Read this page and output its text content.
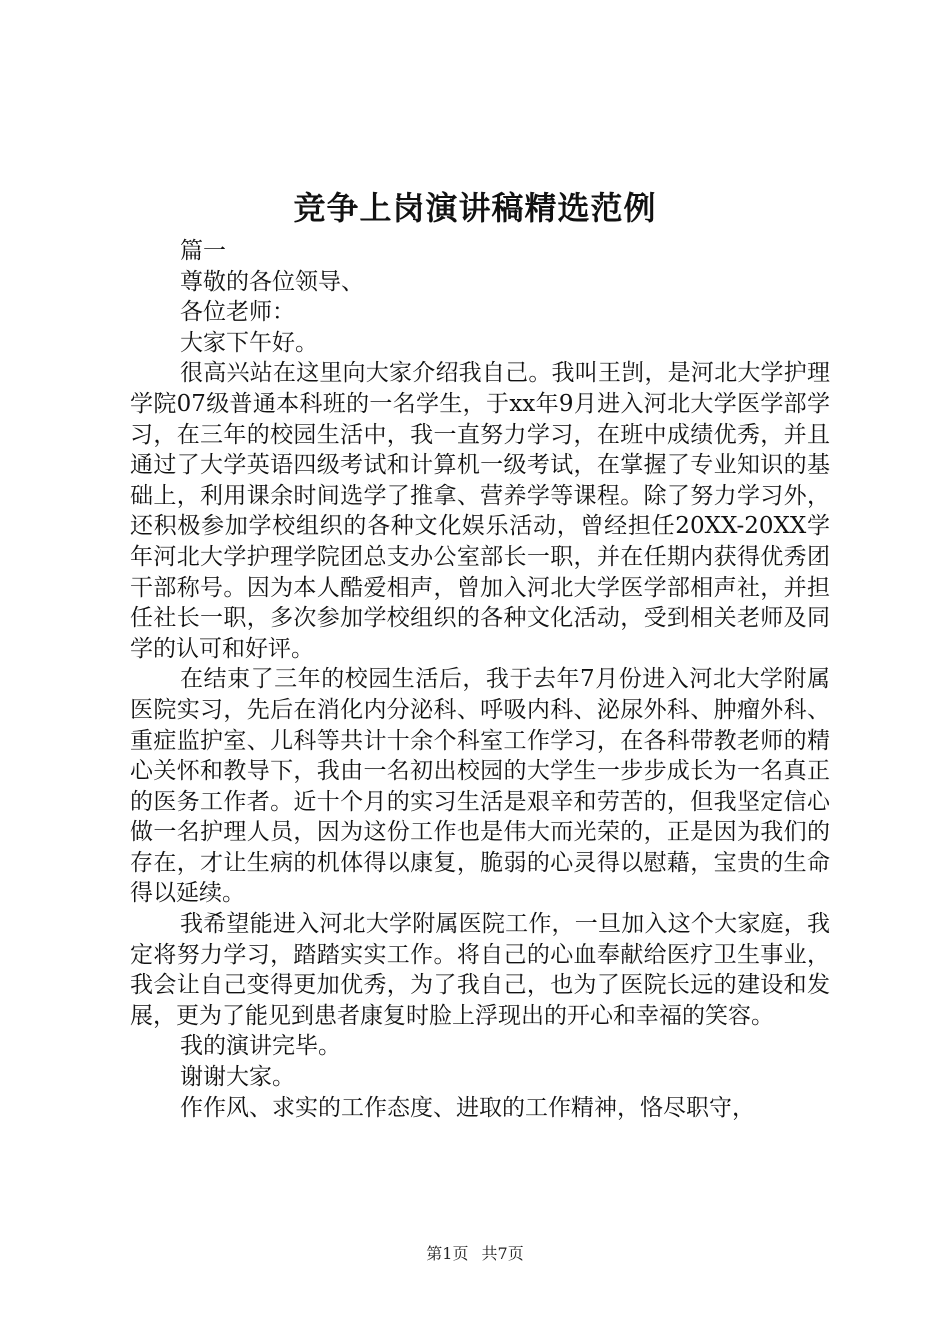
竞争上岗演讲稿精选范例

篇一

尊敬的各位领导、

各位老师：

大家下午好。

很高兴站在这里向大家介绍我自己。我叫王剀，是河北大学护理学院07级普通本科班的一名学生，于xx年9月进入河北大学医学部学习，在三年的校园生活中，我一直努力学习，在班中成绩优秀，并且通过了大学英语四级考试和计算机一级考试，在掌握了专业知识的基础上，利用课余时间选学了推拿、营养学等课程。除了努力学习外，还积极参加学校组织的各种文化娱乐活动，曾经担任20XX-20XX学年河北大学护理学院团总支办公室部长一职，并在任期内获得优秀团干部称号。因为本人酷爱相声，曾加入河北大学医学部相声社，并担任社长一职，多次参加学校组织的各种文化活动，受到相关老师及同学的认可和好评。

在结束了三年的校园生活后，我于去年7月份进入河北大学附属医院实习，先后在消化内分泌科、呼吸内科、泌尿外科、肿瘤外科、重症监护室、儿科等共计十余个科室工作学习，在各科带教老师的精心关怀和教导下，我由一名初出校园的大学生一步步成长为一名真正的医务工作者。近十个月的实习生活是艰辛和劳苦的，但我坚定信心做一名护理人员，因为这份工作也是伟大而光荣的，正是因为我们的存在，才让生病的机体得以康复，脆弱的心灵得以慰藉，宝贵的生命得以延续。

我希望能进入河北大学附属医院工作，一旦加入这个大家庭，我定将努力学习，踏踏实实工作。将自己的心血奉献给医疗卫生事业，我会让自己变得更加优秀，为了我自己，也为了医院长远的建设和发展，更为了能见到患者康复时脸上浮现出的开心和幸福的笑容。

我的演讲完毕。

谢谢大家。

作作风、求实的工作态度、进取的工作精神，恪尽职守，

第1页 共7页
